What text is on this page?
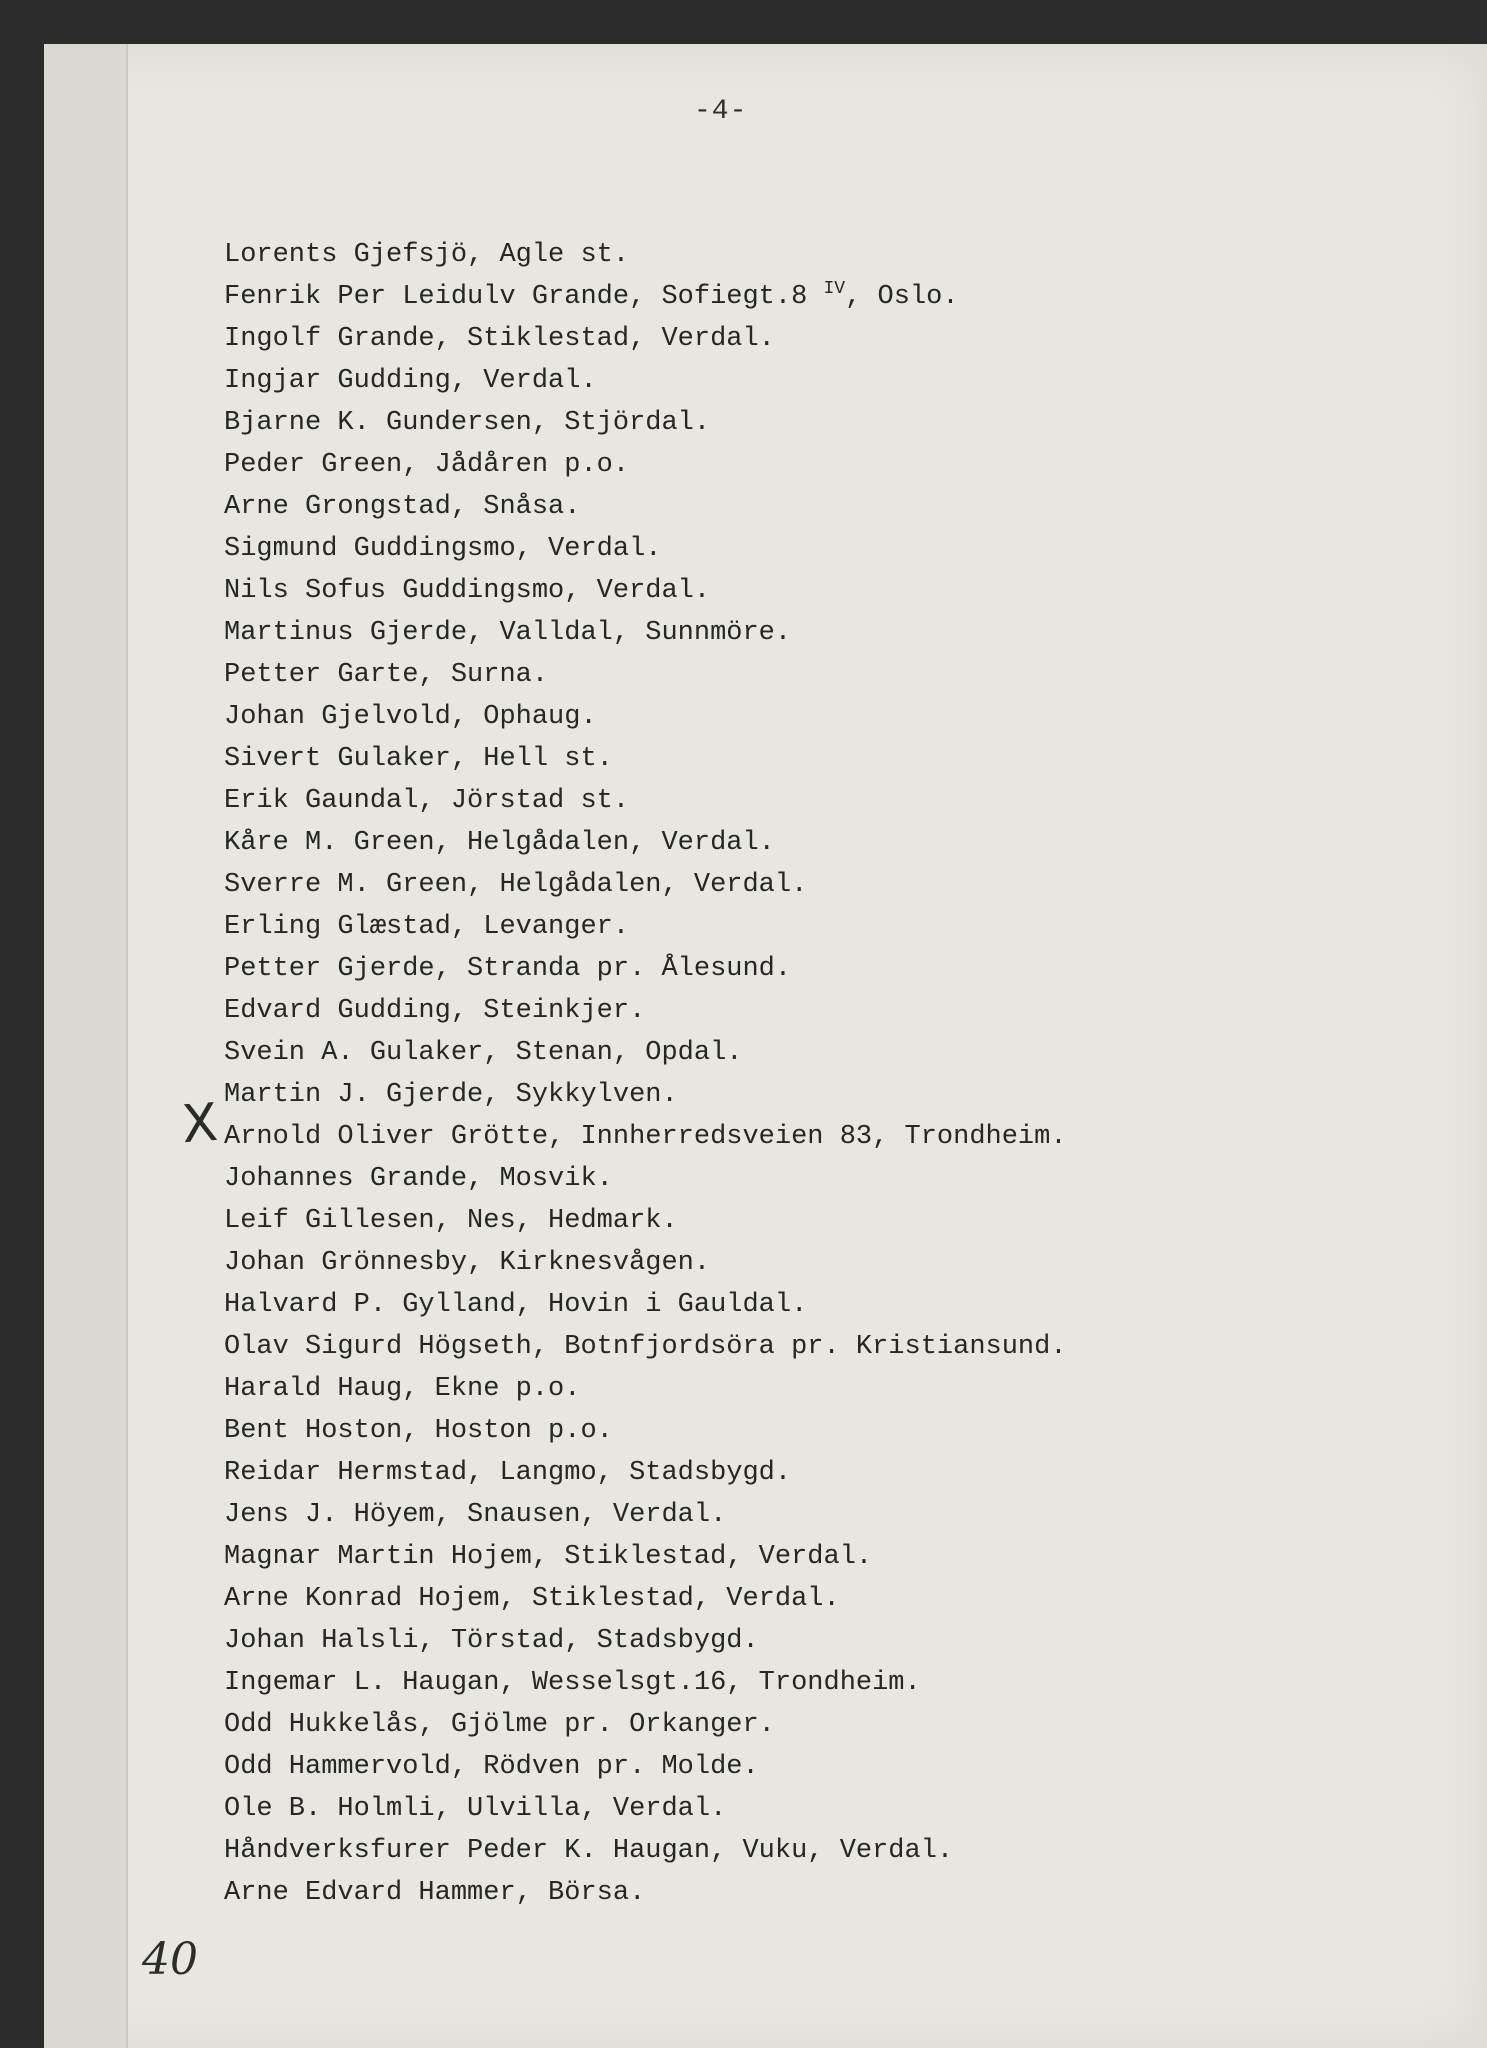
-4-
Lorents Gjefsjö, Agle st.
Fenrik Per Leidulv Grande, Sofiegt.8 $^{IV}$, Oslo.
Ingolf Grande, Stiklestad, Verdal.
Ingjar Gudding, Verdal.
Bjarne K. Gundersen, Stjördal.
Peder Green, Jådåren p.o.
Arne Grongstad, Snåsa.
Sigmund Guddingsmo, Verdal.
Nils Sofus Guddingsmo, Verdal.
Martinus Gjerde, Valldal, Sunnmöre.
Petter Garte, Surna.
Johan Gjelvold, Ophaug.
Sivert Gulaker, Hell st.
Erik Gaundal, Jörstad st.
Kåre M. Green, Helgådalen, Verdal.
Sverre M. Green, Helgådalen, Verdal.
Erling Glæstad, Levanger.
Petter Gjerde, Stranda pr. Ålesund.
Edvard Gudding, Steinkjer.
Svein A. Gulaker, Stenan, Opdal.
Martin J. Gjerde, Sykkylven.
Arnold Oliver Grötte, Innherredsveien 83, Trondheim.
Johannes Grande, Mosvik.
Leif Gillesen, Nes, Hedmark.
Johan Grönnesby, Kirknesvågen.
Halvard P. Gylland, Hovin i Gauldal.
Olav Sigurd Högseth, Botnfjordsöra pr. Kristiansund.
Harald Haug, Ekne p.o.
Bent Hoston, Hoston p.o.
Reidar Hermstad, Langmo, Stadsbygd.
Jens J. Höyem, Snausen, Verdal.
Magnar Martin Hojem, Stiklestad, Verdal.
Arne Konrad Hojem, Stiklestad, Verdal.
Johan Halsli, Törstad, Stadsbygd.
Ingemar L. Haugan, Wesselsgt.16, Trondheim.
Odd Hukkelås, Gjölme pr. Orkanger.
Odd Hammervold, Rödven pr. Molde.
Ole B. Holmli, Ulvilla, Verdal.
Håndverksfurer Peder K. Haugan, Vuku, Verdal.
Arne Edvard Hammer, Börsa.
X
40
